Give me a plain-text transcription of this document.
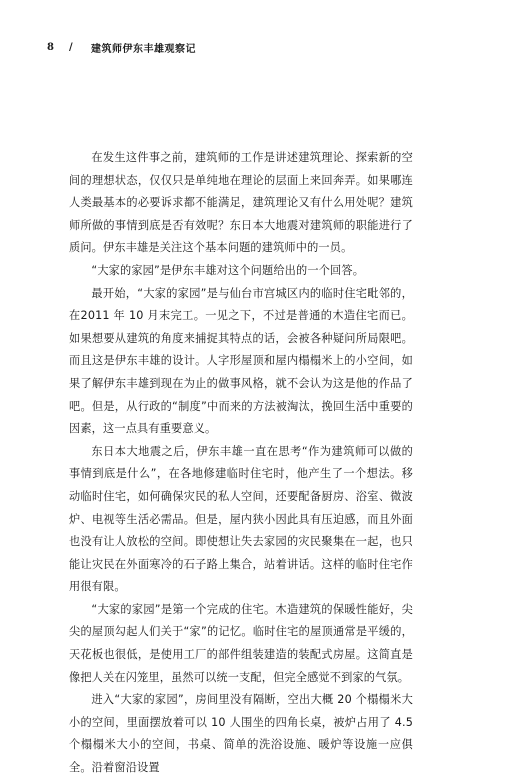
8	/	建筑师伊东丰雄观察记

在发生这件事之前，建筑师的工作是讲述建筑理论、探索新的空间的理想状态，仅仅只是单纯地在理论的层面上来回奔弄。如果哪连人类最基本的必要诉求都不能满足，建筑理论又有什么用处呢？建筑师所做的事情到底是否有效呢？东日本大地震对建筑师的职能进行了质问。伊东丰雄是关注这个基本问题的建筑师中的一员。

“大家的家园”是伊东丰雄对这个问题给出的一个回答。

最开始，“大家的家园”是与仙台市宫城区内的临时住宅毗邻的，在2011 年 10 月末完工。一见之下，不过是普通的木造住宅而已。如果想要从建筑的角度来捕捉其特点的话，会被各种疑问所局限吧。而且这是伊东丰雄的设计。人字形屋顶和屋内榻榻米上的小空间，如果了解伊东丰雄到现在为止的做事风格，就不会认为这是他的作品了吧。但是，从行政的“制度”中而来的方法被淘汰，挽回生活中重要的因素，这一点具有重要意义。

东日本大地震之后，伊东丰雄一直在思考“作为建筑师可以做的事情到底是什么”，在各地修建临时住宅时，他产生了一个想法。移动临时住宅，如何确保灾民的私人空间，还要配备厨房、浴室、微波炉、电视等生活必需品。但是，屋内狭小因此具有压迫感，而且外面也没有让人放松的空间。即使想让失去家园的灾民聚集在一起，也只能让灾民在外面寒冷的石子路上集合，站着讲话。这样的临时住宅作用很有限。

“大家的家园”是第一个完成的住宅。木造建筑的保暖性能好，尖尖的屋顶勾起人们关于“家”的记忆。临时住宅的屋顶通常是平缓的，天花板也很低，是使用工厂的部件组装建造的装配式房屋。这简直是像把人关在闪笼里，虽然可以统一支配，但完全感觉不到家的气氛。

进入“大家的家园”，房间里没有隔断，空出大概 20 个榻榻米大小的空间，里面摆放着可以 10 人围坐的四角长桌，被炉占用了 4.5 个榻榻米大小的空间，书桌、简单的洗浴设施、暖炉等设施一应俱全。沿着窗沿设置
